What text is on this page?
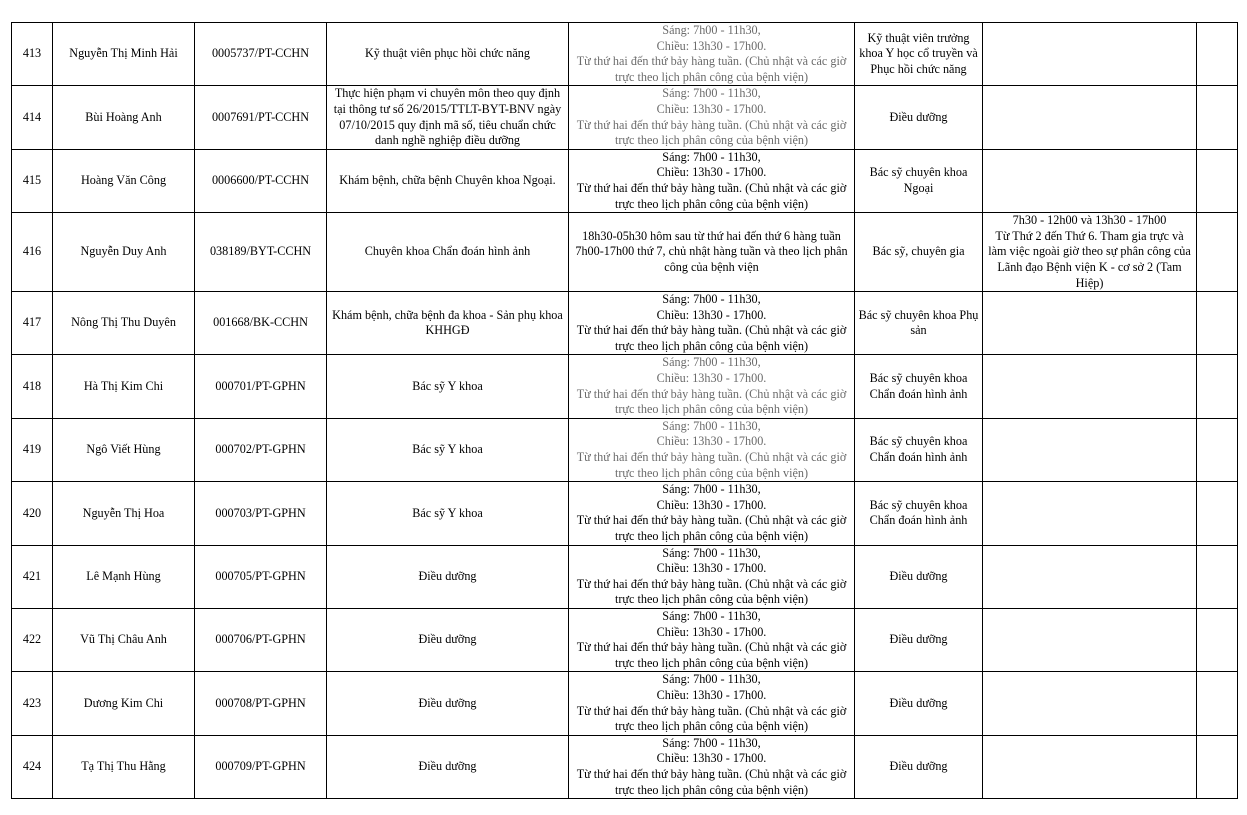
413	Nguyễn Thị Minh Hải	0005737/PT-CCHN	Kỹ thuật viên phục hồi chức năng	Sáng: 7h00 - 11h30,
Chiều: 13h30 - 17h00.
Từ thứ hai đến thứ bảy hàng tuần. (Chủ nhật và các giờ trực theo lịch phân công của bệnh viện)	Kỹ thuật viên trưởng khoa Y học cổ truyền và Phục hồi chức năng		

414	Bùi Hoàng Anh	0007691/PT-CCHN	Thực hiện phạm vi chuyên môn theo quy định tại thông tư số 26/2015/TTLT-BYT-BNV ngày 07/10/2015 quy định mã số, tiêu chuẩn chức danh nghề nghiệp điều dưỡng	Sáng: 7h00 - 11h30,
Chiều: 13h30 - 17h00.
Từ thứ hai đến thứ bảy hàng tuần. (Chủ nhật và các giờ trực theo lịch phân công của bệnh viện)	Điều dưỡng		

415	Hoàng Văn Công	0006600/PT-CCHN	Khám bệnh, chữa bệnh Chuyên khoa Ngoại.	Sáng: 7h00 - 11h30,
Chiều: 13h30 - 17h00.
Từ thứ hai đến thứ bảy hàng tuần. (Chủ nhật và các giờ trực theo lịch phân công của bệnh viện)	Bác sỹ chuyên khoa Ngoại		

416	Nguyễn Duy Anh	038189/BYT-CCHN	Chuyên khoa Chẩn đoán hình ảnh	18h30-05h30 hôm sau từ thứ hai đến thứ 6 hàng tuần 7h00-17h00 thứ 7, chủ nhật hàng tuần và theo lịch phân công của bệnh viện	Bác sỹ, chuyên gia	7h30 - 12h00 và 13h30 - 17h00
Từ Thứ 2 đến Thứ 6. Tham gia trực và làm việc ngoài giờ theo sự phân công của Lãnh đạo Bệnh viện K - cơ sở 2 (Tam Hiệp)	

417	Nông Thị Thu Duyên	001668/BK-CCHN	Khám bệnh, chữa bệnh đa khoa - Sản phụ khoa KHHGĐ	Sáng: 7h00 - 11h30,
Chiều: 13h30 - 17h00.
Từ thứ hai đến thứ bảy hàng tuần. (Chủ nhật và các giờ trực theo lịch phân công của bệnh viện)	Bác sỹ chuyên khoa Phụ sản		

418	Hà Thị Kim Chi	000701/PT-GPHN	Bác sỹ Y khoa	Sáng: 7h00 - 11h30,
Chiều: 13h30 - 17h00.
Từ thứ hai đến thứ bảy hàng tuần. (Chủ nhật và các giờ trực theo lịch phân công của bệnh viện)	Bác sỹ chuyên khoa Chẩn đoán hình ảnh		

419	Ngô Viết Hùng	000702/PT-GPHN	Bác sỹ Y khoa	Sáng: 7h00 - 11h30,
Chiều: 13h30 - 17h00.
Từ thứ hai đến thứ bảy hàng tuần. (Chủ nhật và các giờ trực theo lịch phân công của bệnh viện)	Bác sỹ chuyên khoa Chẩn đoán hình ảnh		

420	Nguyễn Thị Hoa	000703/PT-GPHN	Bác sỹ Y khoa	Sáng: 7h00 - 11h30,
Chiều: 13h30 - 17h00.
Từ thứ hai đến thứ bảy hàng tuần. (Chủ nhật và các giờ trực theo lịch phân công của bệnh viện)	Bác sỹ chuyên khoa Chẩn đoán hình ảnh		

421	Lê Mạnh Hùng	000705/PT-GPHN	Điều dưỡng	Sáng: 7h00 - 11h30,
Chiều: 13h30 - 17h00.
Từ thứ hai đến thứ bảy hàng tuần. (Chủ nhật và các giờ trực theo lịch phân công của bệnh viện)	Điều dưỡng		

422	Vũ Thị Châu Anh	000706/PT-GPHN	Điều dưỡng	Sáng: 7h00 - 11h30,
Chiều: 13h30 - 17h00.
Từ thứ hai đến thứ bảy hàng tuần. (Chủ nhật và các giờ trực theo lịch phân công của bệnh viện)	Điều dưỡng		

423	Dương Kim Chi	000708/PT-GPHN	Điều dưỡng	Sáng: 7h00 - 11h30,
Chiều: 13h30 - 17h00.
Từ thứ hai đến thứ bảy hàng tuần. (Chủ nhật và các giờ trực theo lịch phân công của bệnh viện)	Điều dưỡng		

424	Tạ Thị Thu Hằng	000709/PT-GPHN	Điều dưỡng	Sáng: 7h00 - 11h30,
Chiều: 13h30 - 17h00.
Từ thứ hai đến thứ bảy hàng tuần. (Chủ nhật và các giờ trực theo lịch phân công của bệnh viện)	Điều dưỡng		
